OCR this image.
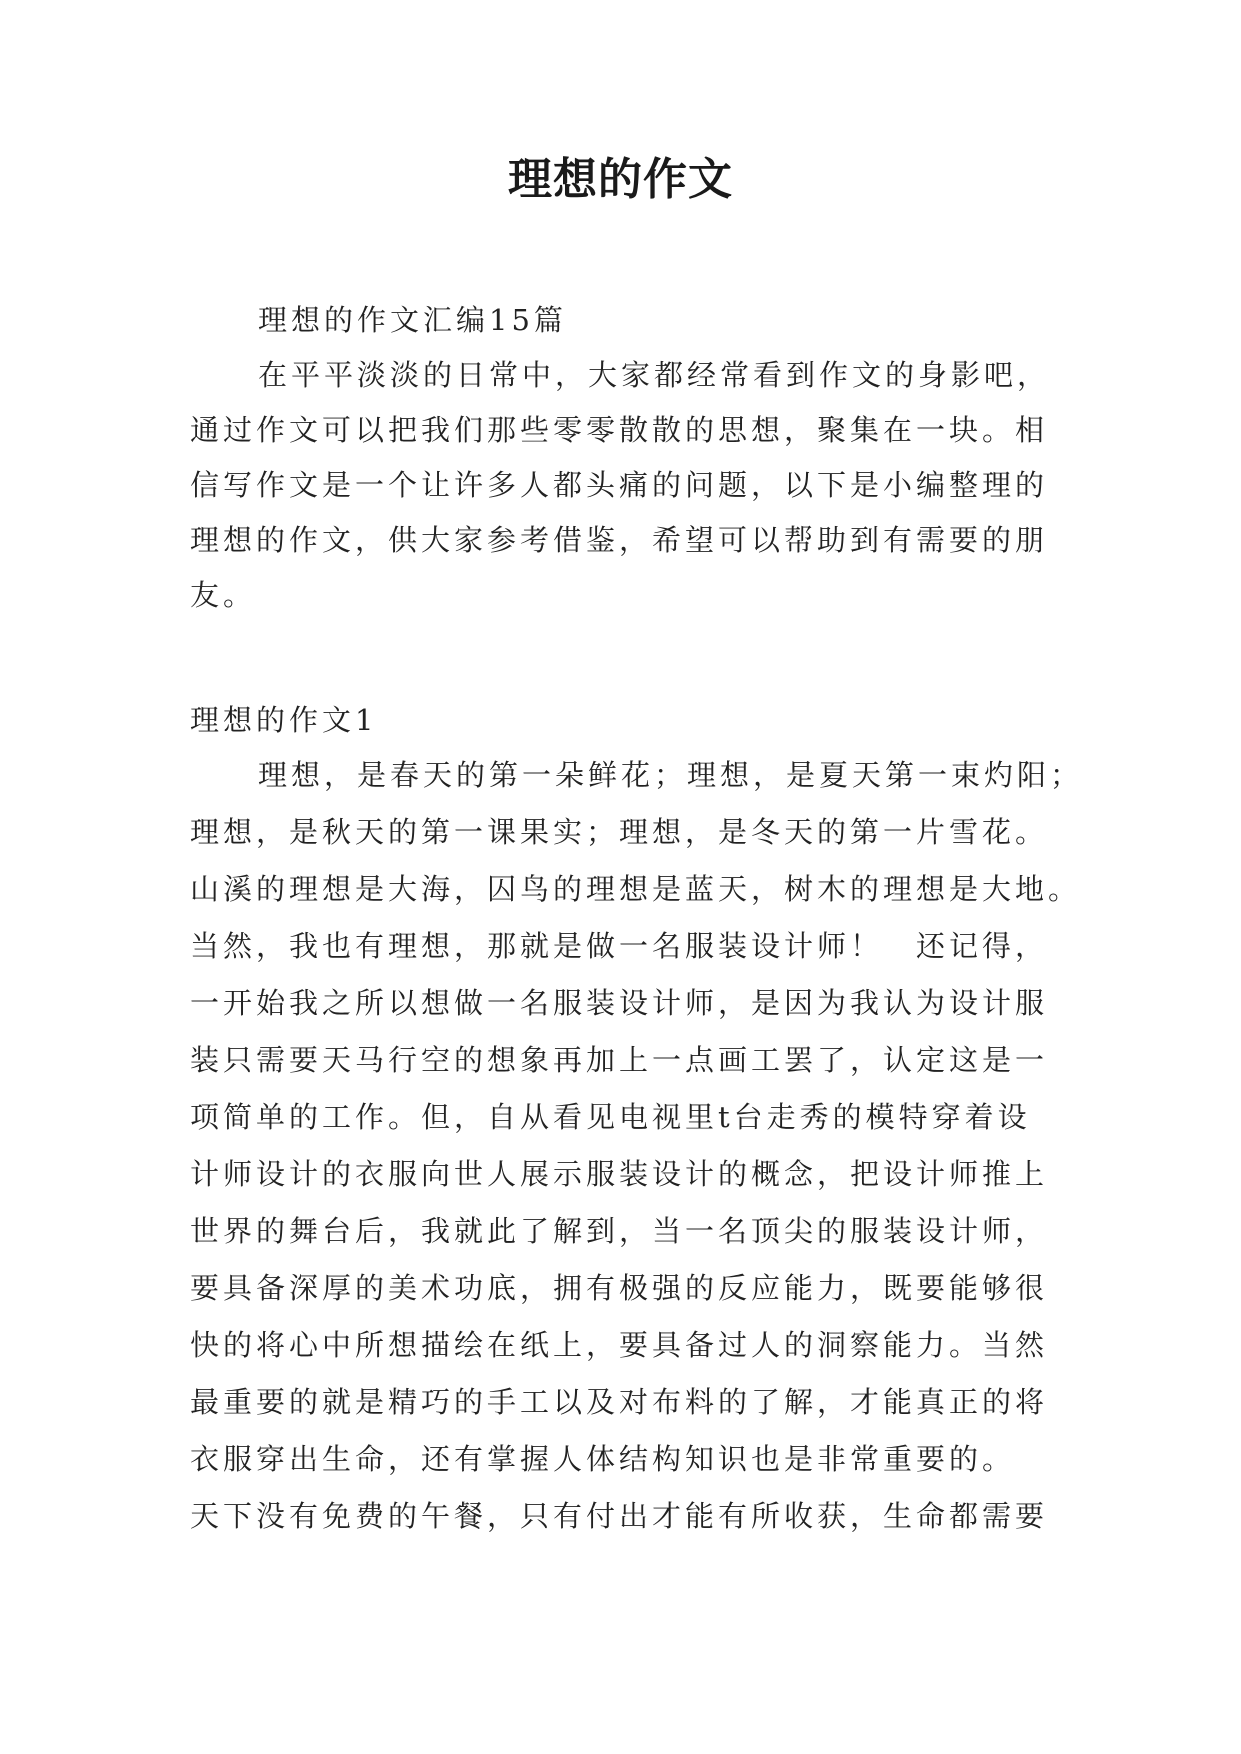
理想的作文

理想的作文汇编15篇

在平平淡淡的日常中，大家都经常看到作文的身影吧，

通过作文可以把我们那些零零散散的思想，聚集在一块。相

信写作文是一个让许多人都头痛的问题，以下是小编整理的

理想的作文，供大家参考借鉴，希望可以帮助到有需要的朋

友。

理想的作文1

理想，是春天的第一朵鲜花；理想，是夏天第一束灼阳；

理想，是秋天的第一课果实；理想，是冬天的第一片雪花。

山溪的理想是大海，囚鸟的理想是蓝天，树木的理想是大地。

当然，我也有理想，那就是做一名服装设计师！　还记得，

一开始我之所以想做一名服装设计师，是因为我认为设计服

装只需要天马行空的想象再加上一点画工罢了，认定这是一

项简单的工作。但，自从看见电视里t台走秀的模特穿着设

计师设计的衣服向世人展示服装设计的概念，把设计师推上

世界的舞台后，我就此了解到，当一名顶尖的服装设计师，

要具备深厚的美术功底，拥有极强的反应能力，既要能够很

快的将心中所想描绘在纸上，要具备过人的洞察能力。当然

最重要的就是精巧的手工以及对布料的了解，才能真正的将

衣服穿出生命，还有掌握人体结构知识也是非常重要的。

天下没有免费的午餐，只有付出才能有所收获，生命都需要
